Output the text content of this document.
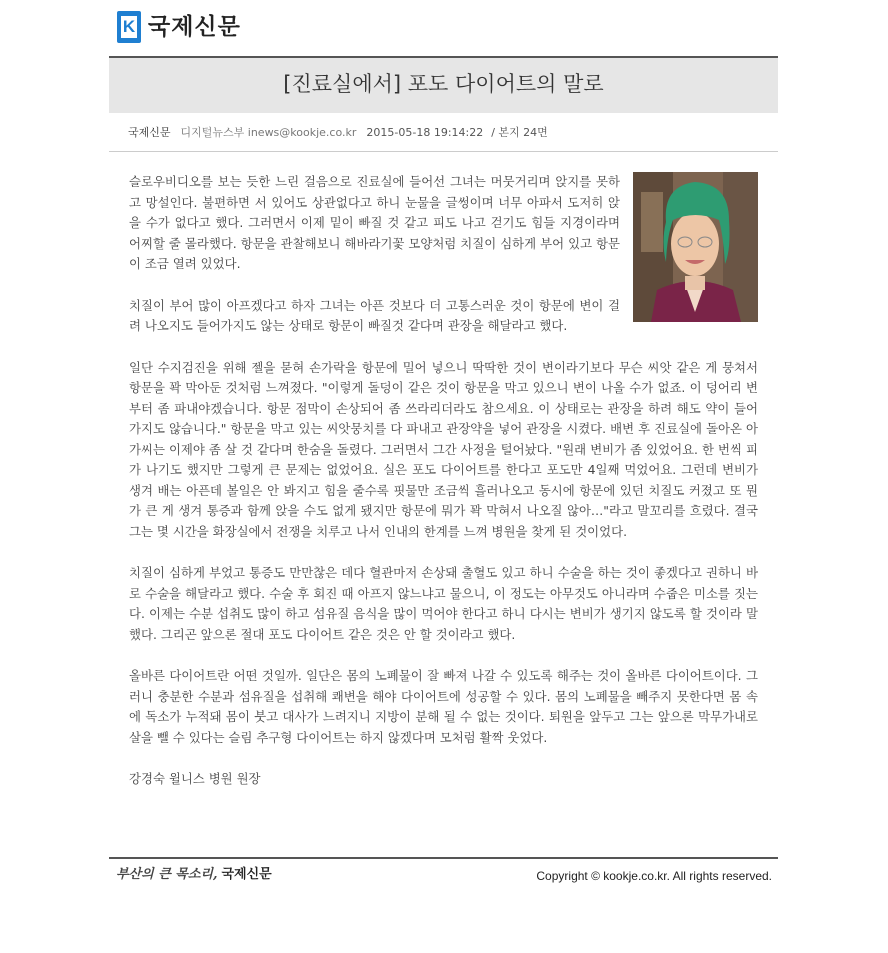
K 국제신문
[진료실에서] 포도 다이어트의 말로
국제신문 디지털뉴스부 inews@kookje.co.kr 2015-05-18 19:14:22 / 본지 24면

슬로우비디오를 보는 듯한 느린 걸음으로 진료실에 들어선 그녀는 머뭇거리며 앉지를 못하고 망설인다. 불편하면 서 있어도 상관없다고 하니 눈물을 글썽이며 너무 아파서 도저히 앉을 수가 없다고 했다. 그러면서 이제 밑이 빠질 것 같고 피도 나고 걷기도 힘들 지경이라며 어찌할 줄 몰라했다. 항문을 관찰해보니 해바라기꽃 모양처럼 치질이 심하게 부어 있고 항문이 조금 열려 있었다.

치질이 부어 많이 아프겠다고 하자 그녀는 아픈 것보다 더 고통스러운 것이 항문에 변이 걸려 나오지도 들어가지도 않는 상태로 항문이 빠질것 같다며 관장을 해달라고 했다.

일단 수지검진을 위해 젤을 묻혀 손가락을 항문에 밀어 넣으니 딱딱한 것이 변이라기보다 무슨 씨앗 같은 게 뭉쳐서 항문을 꽉 막아둔 것처럼 느껴졌다. "이렇게 돌덩이 같은 것이 항문을 막고 있으니 변이 나올 수가 없죠. 이 덩어리 변부터 좀 파내야겠습니다. 항문 점막이 손상되어 좀 쓰라리더라도 참으세요. 이 상태로는 관장을 하려 해도 약이 들어가지도 않습니다." 항문을 막고 있는 씨앗뭉치를 다 파내고 관장약을 넣어 관장을 시켰다. 배변 후 진료실에 돌아온 아가씨는 이제야 좀 살 것 같다며 한숨을 돌렸다. 그러면서 그간 사정을 털어놨다. "원래 변비가 좀 있었어요. 한 번씩 피가 나기도 했지만 그렇게 큰 문제는 없었어요. 실은 포도 다이어트를 한다고 포도만 4일째 먹었어요. 그런데 변비가 생겨 배는 아픈데 볼일은 안 봐지고 힘을 줄수록 핏물만 조금씩 흘러나오고 동시에 항문에 있던 치질도 커졌고 또 뭔가 큰 게 생겨 통증과 함께 앉을 수도 없게 됐지만 항문에 뭐가 꽉 막혀서 나오질 않아…"라고 말꼬리를 흐렸다. 결국 그는 몇 시간을 화장실에서 전쟁을 치루고 나서 인내의 한계를 느껴 병원을 찾게 된 것이었다.

치질이 심하게 부었고 통증도 만만찮은 데다 혈관마저 손상돼 출혈도 있고 하니 수술을 하는 것이 좋겠다고 권하니 바로 수술을 해달라고 했다. 수술 후 회진 때 아프지 않느냐고 물으니, 이 정도는 아무것도 아니라며 수줍은 미소를 짓는다. 이제는 수분 섭취도 많이 하고 섬유질 음식을 많이 먹어야 한다고 하니 다시는 변비가 생기지 않도록 할 것이라 말했다. 그리곤 앞으론 절대 포도 다이어트 같은 것은 안 할 것이라고 했다.

올바른 다이어트란 어떤 것일까. 일단은 몸의 노폐물이 잘 빠져 나갈 수 있도록 해주는 것이 올바른 다이어트이다. 그러니 충분한 수분과 섬유질을 섭취해 쾌변을 해야 다이어트에 성공할 수 있다. 몸의 노폐물을 빼주지 못한다면 몸 속에 독소가 누적돼 몸이 붓고 대사가 느려지니 지방이 분해 될 수 없는 것이다. 퇴원을 앞두고 그는 앞으론 막무가내로 살을 뺄 수 있다는 슬림 추구형 다이어트는 하지 않겠다며 모처럼 활짝 웃었다.

강경숙 윌니스 병원 원장

부산의 큰 목소리, 국제신문	Copyright © kookje.co.kr. All rights reserved.
